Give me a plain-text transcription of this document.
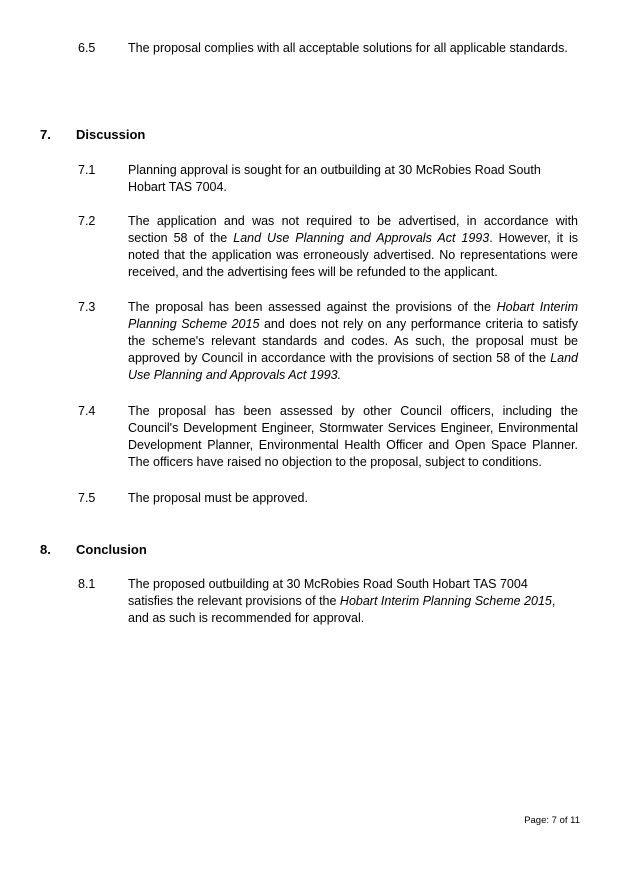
6.5	The proposal complies with all acceptable solutions for all applicable standards.
7. Discussion
7.1	Planning approval is sought for an outbuilding at 30 McRobies Road South Hobart TAS 7004.
7.2	The application and was not required to be advertised, in accordance with section 58 of the Land Use Planning and Approvals Act 1993. However, it is noted that the application was erroneously advertised. No representations were received, and the advertising fees will be refunded to the applicant.
7.3	The proposal has been assessed against the provisions of the Hobart Interim Planning Scheme 2015 and does not rely on any performance criteria to satisfy the scheme's relevant standards and codes. As such, the proposal must be approved by Council in accordance with the provisions of section 58 of the Land Use Planning and Approvals Act 1993.
7.4	The proposal has been assessed by other Council officers, including the Council's Development Engineer, Stormwater Services Engineer, Environmental Development Planner, Environmental Health Officer and Open Space Planner. The officers have raised no objection to the proposal, subject to conditions.
7.5	The proposal must be approved.
8. Conclusion
8.1	The proposed outbuilding at 30 McRobies Road South Hobart TAS 7004 satisfies the relevant provisions of the Hobart Interim Planning Scheme 2015, and as such is recommended for approval.
Page: 7 of 11
